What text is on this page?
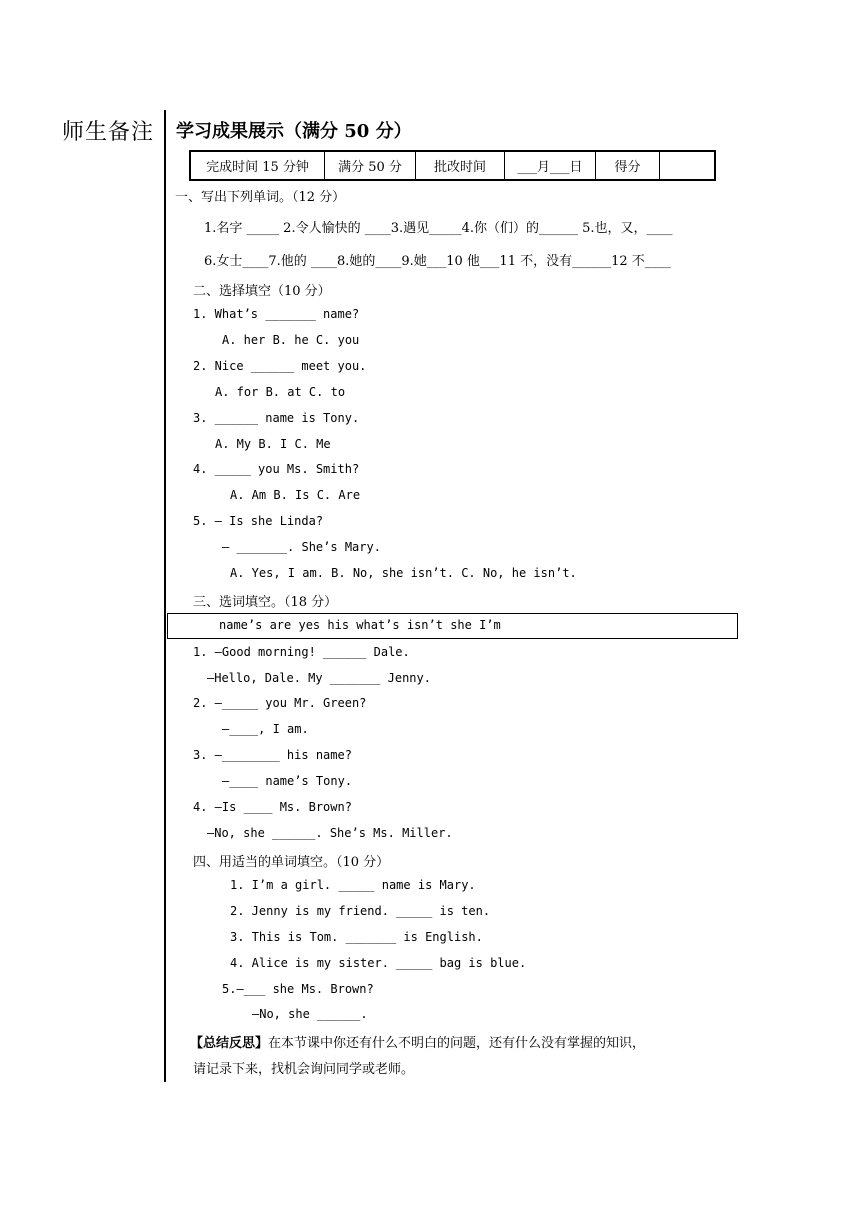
师生备注 学习成果展示（满分 50 分）
完成时间 15 分钟	满分 50 分	批改时间	___月___日	得分	
一、写出下列单词。（12 分）
1.名字 _____ 2.令人愉快的 ____3.遇见_____4.你（们）的______ 5.也，又，____
6.女士____7.他的 ____8.她的____9.她___10 他___11 不，没有______12 不____
二、选择填空（10 分）
1. What’s _______ name?
A. her B. he C. you
2. Nice ______ meet you.
A. for B. at C. to
3. ______ name is Tony.
A. My B. I C. Me
4. _____ you Ms. Smith?
A. Am B. Is C. Are
5. — Is she Linda?
— _______. She’s Mary.
A. Yes, I am. B. No, she isn’t. C. No, he isn’t.
三、选词填空。（18 分）
name’s are yes his what’s isn’t she I’m
1. —Good morning! ______ Dale.
—Hello, Dale. My _______ Jenny.
2. —_____ you Mr. Green?
—____, I am.
3. —________ his name?
—____ name’s Tony.
4. —Is ____ Ms. Brown?
—No, she ______. She’s Ms. Miller.
四、用适当的单词填空。（10 分）
1. I’m a girl. _____ name is Mary.
2. Jenny is my friend. _____ is ten.
3. This is Tom. _______ is English.
4. Alice is my sister. _____ bag is blue.
5.—___ she Ms. Brown?
—No, she ______.
【总结反思】在本节课中你还有什么不明白的问题，还有什么没有掌握的知识，
请记录下来，找机会询问同学或老师。
